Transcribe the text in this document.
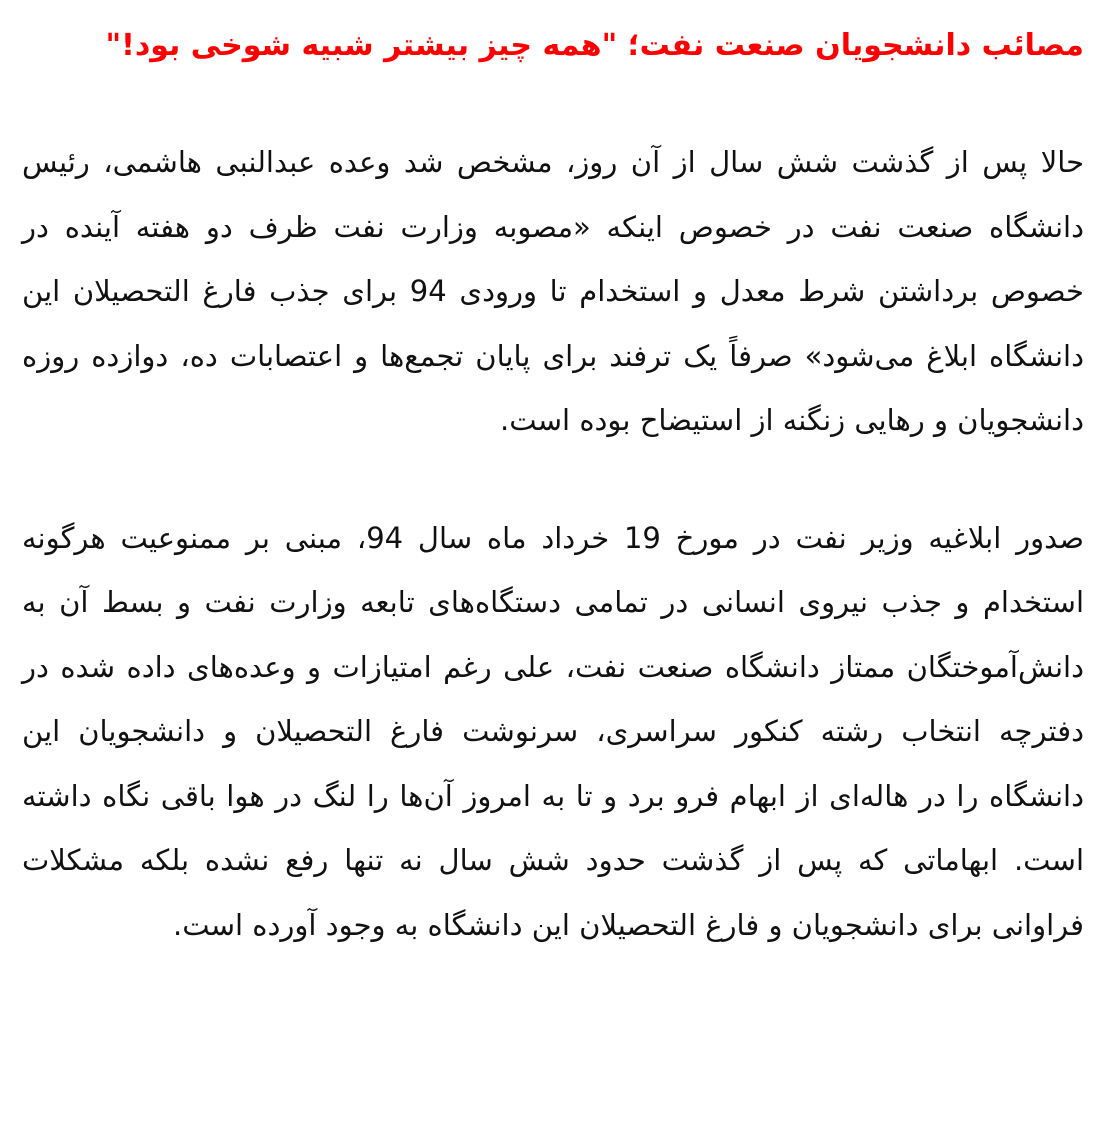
مصائب دانشجویان صنعت نفت؛ "همه چیز بیشتر شبیه شوخی بود!"

حالا پس از گذشت شش سال از آن روز، مشخص شد وعده عبدالنبی هاشمی، رئیس دانشگاه صنعت نفت در خصوص اینکه «مصوبه وزارت نفت ظرف دو هفته آینده در خصوص برداشتن شرط معدل و استخدام تا ورودی 94 برای جذب فارغ التحصیلان این دانشگاه ابلاغ می‌شود» صرفاً یک ترفند برای پایان تجمع‌ها و اعتصابات ده، دوازده روزه دانشجویان و رهایی زنگنه از استیضاح بوده است.

صدور ابلاغیه وزیر نفت در مورخ 19 خرداد ماه سال 94، مبنی بر ممنوعیت هرگونه استخدام و جذب نیروی انسانی در تمامی دستگاه‌های تابعه وزارت نفت و بسط آن به دانش‌آموختگان ممتاز دانشگاه صنعت نفت، علی رغم امتیازات و وعده‌های داده شده در دفترچه انتخاب رشته کنکور سراسری، سرنوشت فارغ التحصیلان و دانشجویان این دانشگاه را در هاله‌ای از ابهام فرو برد و تا به امروز آن‌ها را لنگ در هوا باقی نگاه داشته است. ابهاماتی که پس از گذشت حدود شش سال نه تنها رفع نشده بلکه مشکلات فراوانی برای دانشجویان و فارغ التحصیلان این دانشگاه به وجود آورده است.
